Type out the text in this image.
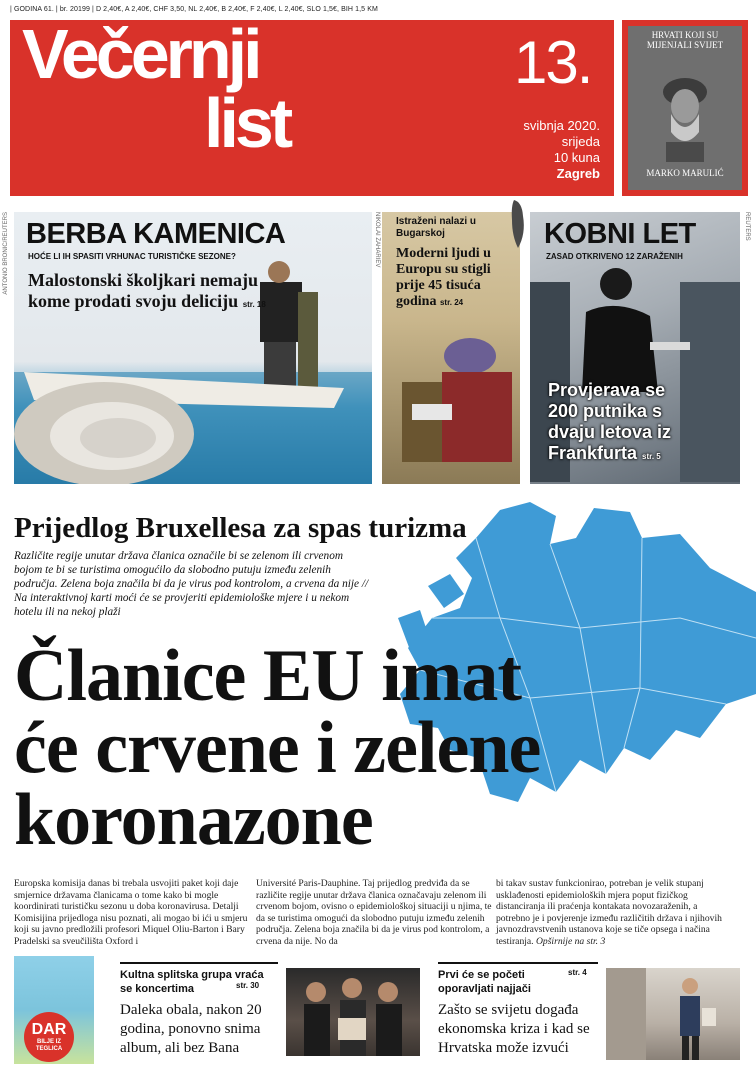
| GODINA 61. | br. 20199 | D 2,40€, A 2,40€, CHF 3,50, NL 2,40€, B 2,40€, F 2,40€, L 2,40€, SLO 1,5€, BIH 1,5 KM
Večernji
list
13.
svibnja 2020.
srijeda
10 kuna
Zagreb
HRVATI KOJI SU MIJENJALI SVIJET
MARKO MARULIĆ
ANTONIO BRONIĆ/REUTERS	NIKOLAI ZAHARIEV	REUTERS
BERBA KAMENICA
HOĆE LI IH SPASITI VRHUNAC TURISTIČKE SEZONE?
Malostonski školjkari nemaju kome prodati svoju deliciju str. 18
Istraženi nalazi u Bugarskoj
Moderni ljudi u Europu su stigli prije 45 tisuća godina str. 24
KOBNI LET
ZASAD OTKRIVENO 12 ZARAŽENIH
Provjerava se 200 putnika s dvaju letova iz Frankfurta str. 5
Prijedlog Bruxellesa za spas turizma
Različite regije unutar država članica označile bi se zelenom ili crvenom bojom te bi se turistima omogućilo da slobodno putuju između zelenih područja. Zelena boja značila bi da je virus pod kontrolom, a crvena da nije // Na interaktivnoj karti moći će se provjeriti epidemiološke mjere i u nekom hotelu ili na nekoj plaži
Članice EU imat
će crvene i zelene
koronazone
Europska komisija danas bi trebala usvojiti paket koji daje smjernice državama članicama o tome kako bi mogle koordinirati turističku sezonu u doba koronavirusa. Detalji Komisijina prijedloga nisu poznati, ali mogao bi ići u smjeru koji su javno predložili profesori Miquel Oliu-Barton i Bary Pradelski sa sveučilišta Oxford i
Université Paris-Dauphine. Taj prijedlog predviđa da se različite regije unutar država članica označavaju zelenom ili crvenom bojom, ovisno o epidemiološkoj situaciji u njima, te da se turistima omogući da slobodno putuju između zelenih područja. Zelena boja značila bi da je virus pod kontrolom, a crvena da nije. No da
bi takav sustav funkcionirao, potreban je velik stupanj usklađenosti epidemioloških mjera poput fizičkog distanciranja ili praćenja kontakata novozaraženih, a potrebno je i povjerenje između različitih država i njihovih javnozdravstvenih ustanova koje se tiče opsega i načina testiranja. Opširnije na str. 3
DAR
BILJE IZ TEGLICA
Kultna splitska grupa vraća se koncertima	str. 30
Daleka obala, nakon 20 godina, ponovno snima album, ali bez Bana
Prvi će se početi oporavljati najjači
str. 4
Zašto se svijetu događa ekonomska kriza i kad se Hrvatska može izvući
